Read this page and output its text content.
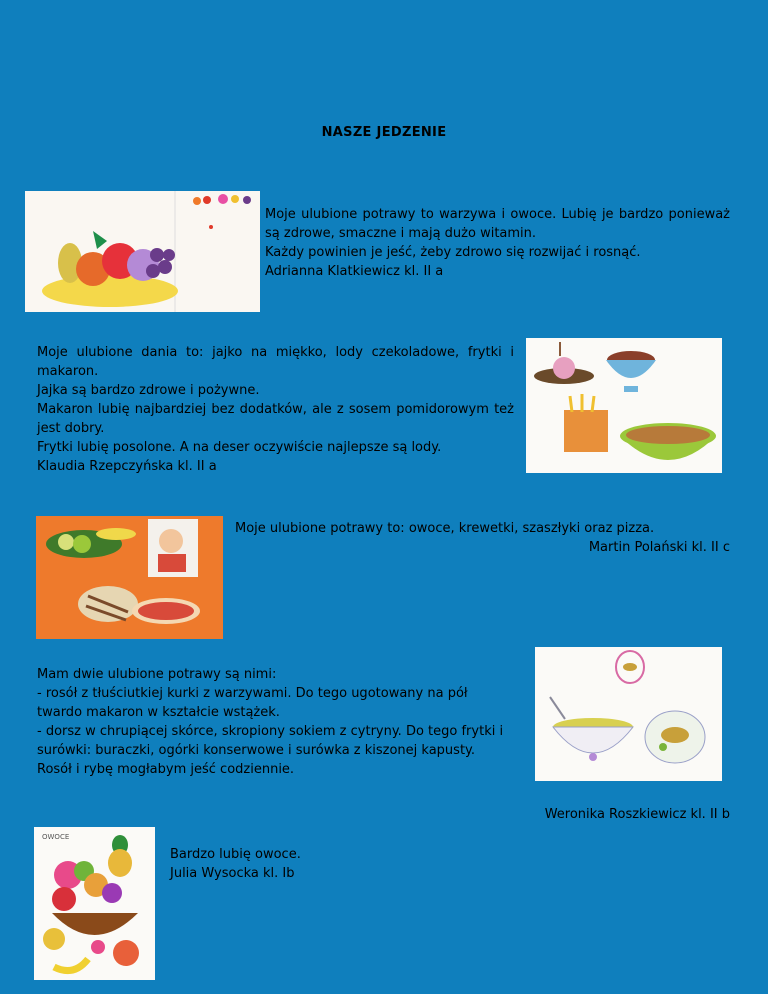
NASZE JEDZENIE

Moje ulubione potrawy to warzywa i owoce. Lubię je bardzo ponieważ są zdrowe, smaczne i mają dużo witamin.

Każdy powinien je jeść, żeby zdrowo się rozwijać i rosnąć.

Adrianna Klatkiewicz kl. II a

Moje ulubione dania to: jajko na miękko, lody czekoladowe, frytki i makaron.

Jajka są bardzo zdrowe i pożywne.

Makaron lubię najbardziej bez dodatków, ale z sosem pomidorowym też jest dobry.

Frytki lubię posolone. A na deser oczywiście najlepsze są lody.

Klaudia Rzepczyńska kl. II a

Moje ulubione potrawy to: owoce, krewetki, szaszłyki oraz pizza.

Martin Polański kl. II c

Mam dwie ulubione potrawy są nimi:

- rosół z tłuściutkiej kurki z warzywami. Do tego ugotowany na pół twardo makaron w kształcie wstążek.

- dorsz w chrupiącej skórce, skropiony sokiem z cytryny. Do tego frytki i surówki: buraczki, ogórki konserwowe i surówka z kiszonej kapusty.

Rosół i rybę mogłabym jeść codziennie.

Weronika Roszkiewicz kl. II b

OWOCE

Bardzo lubię owoce.

Julia Wysocka kl. Ib
